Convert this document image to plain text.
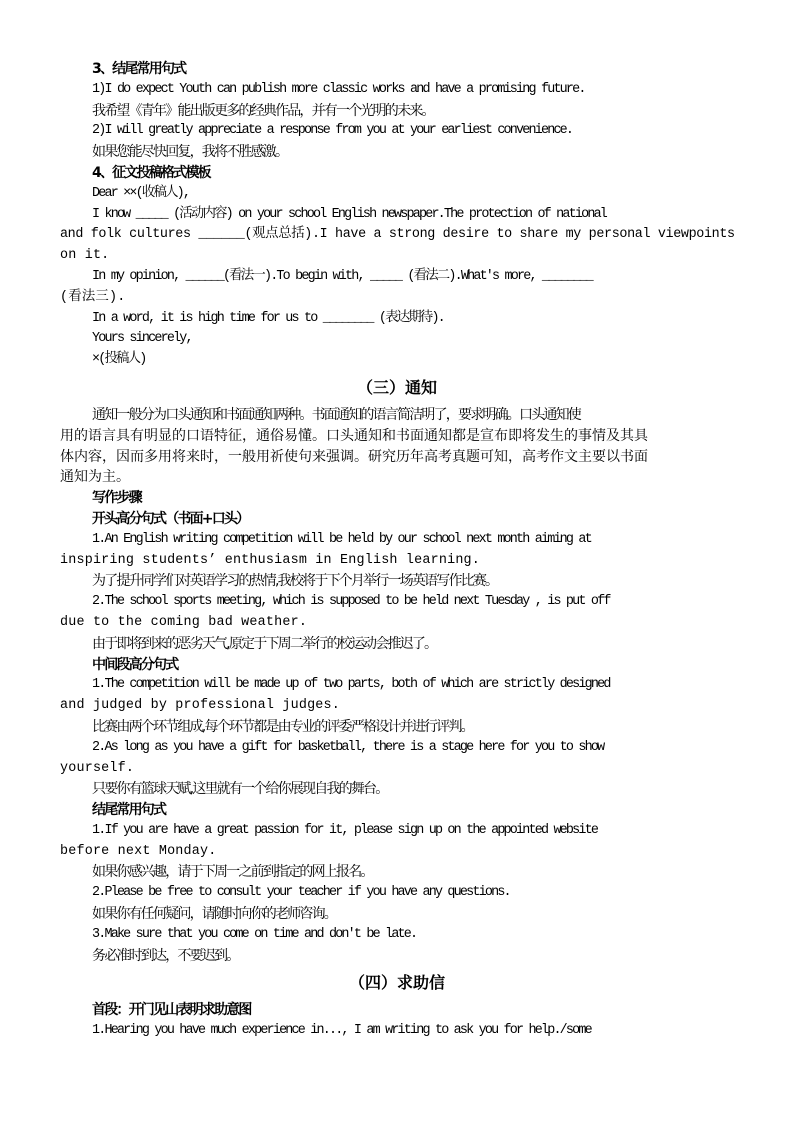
3、结尾常用句式
1)I do expect Youth can publish more classic works and have a promising future.
我希望《青年》能出版更多的经典作品，并有一个光明的未来。
2)I will greatly appreciate a response from you at your earliest convenience.
如果您能尽快回复，我将不胜感激。
4、征文投稿格式模板
Dear ××(收稿人),
I know _____ (活动内容) on your school English newspaper.The protection of national
and folk cultures ______(观点总括).I have a strong desire to share my personal viewpoints
on it.
In my opinion, ______(看法一).To begin with, _____ (看法二).What's more, ________
(看法三).
In a word, it is high time for us to ________ (表达期待).
Yours sincerely,
×(投稿人)
（三）通知
通知一般分为口头通知和书面通知两种。书面通知的语言简洁明了，要求明确。口头通知使
用的语言具有明显的口语特征，通俗易懂。口头通知和书面通知都是宣布即将发生的事情及其具
体内容，因而多用将来时，一般用祈使句来强调。研究历年高考真题可知，高考作文主要以书面
通知为主。
写作步骤
开头高分句式（书面+口头）
1.An English writing competition will be held by our school next month aiming at
inspiring students’ enthusiasm in English learning.
为了提升同学们对英语学习的热情,我校将于下个月举行一场英语写作比赛。
2.The school sports meeting, which is supposed to be held next Tuesday , is put off
due to the coming bad weather.
由于即将到来的恶劣天气,原定于下周二举行的校运动会推迟了。
中间段高分句式
1.The competition will be made up of two parts, both of which are strictly designed
and judged by professional judges.
比赛由两个环节组成,每个环节都是由专业的评委严格设计并进行评判。
2.As long as you have a gift for basketball, there is a stage here for you to show
yourself.
只要你有篮球天赋,这里就有一个给你展现自我的舞台。
结尾常用句式
1.If you are have a great passion for it, please sign up on the appointed website
before next Monday.
如果你感兴趣，请于下周一之前到指定的网上报名。
2.Please be free to consult your teacher if you have any questions.
如果你有任何疑问，请随时向你的老师咨询。
3.Make sure that you come on time and don't be late.
务必准时到达，不要迟到。
（四）求助信
首段：开门见山表明求助意图
1.Hearing you have much experience in..., I am writing to ask you for help./some
